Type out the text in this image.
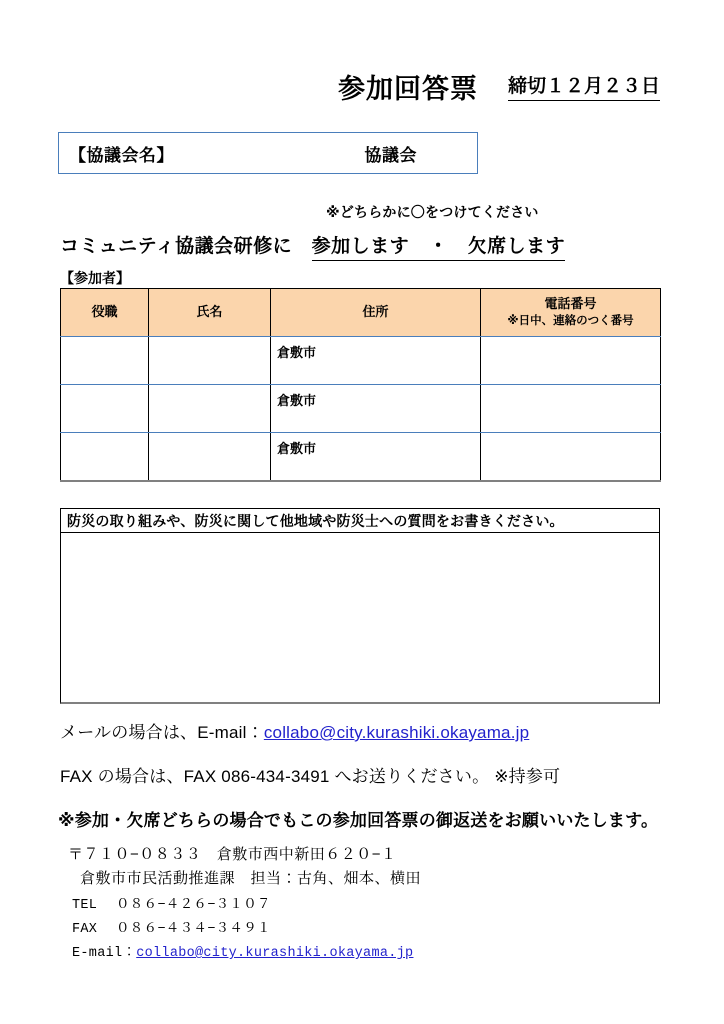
参加回答票 締切１２月２３日
【協議会名】	協議会
※どちらかに〇をつけてください
コミュニティ協議会研修に　 参加します　・　欠席します
【参加者】
役職	氏名	住所	電話番号
※日中、連絡のつく番号

		倉敷市	
		倉敷市	
		倉敷市	
防災の取り組みや、防災に関して他地域や防災士への質問をお書きください。
メールの場合は、E-mail：collabo@city.kurashiki.okayama.jp
FAX の場合は、FAX 086-434-3491 へお送りください。 ※持参可
※参加・欠席どちらの場合でもこの参加回答票の御返送をお願いいたします。
〒７１０−０８３３　倉敷市西中新田６２０−１
倉敷市市民活動推進課　担当：古角、畑本、横田
TEL ０８６−４２６−３１０７
FAX ０８６−４３４−３４９１
E-mail：collabo@city.kurashiki.okayama.jp
